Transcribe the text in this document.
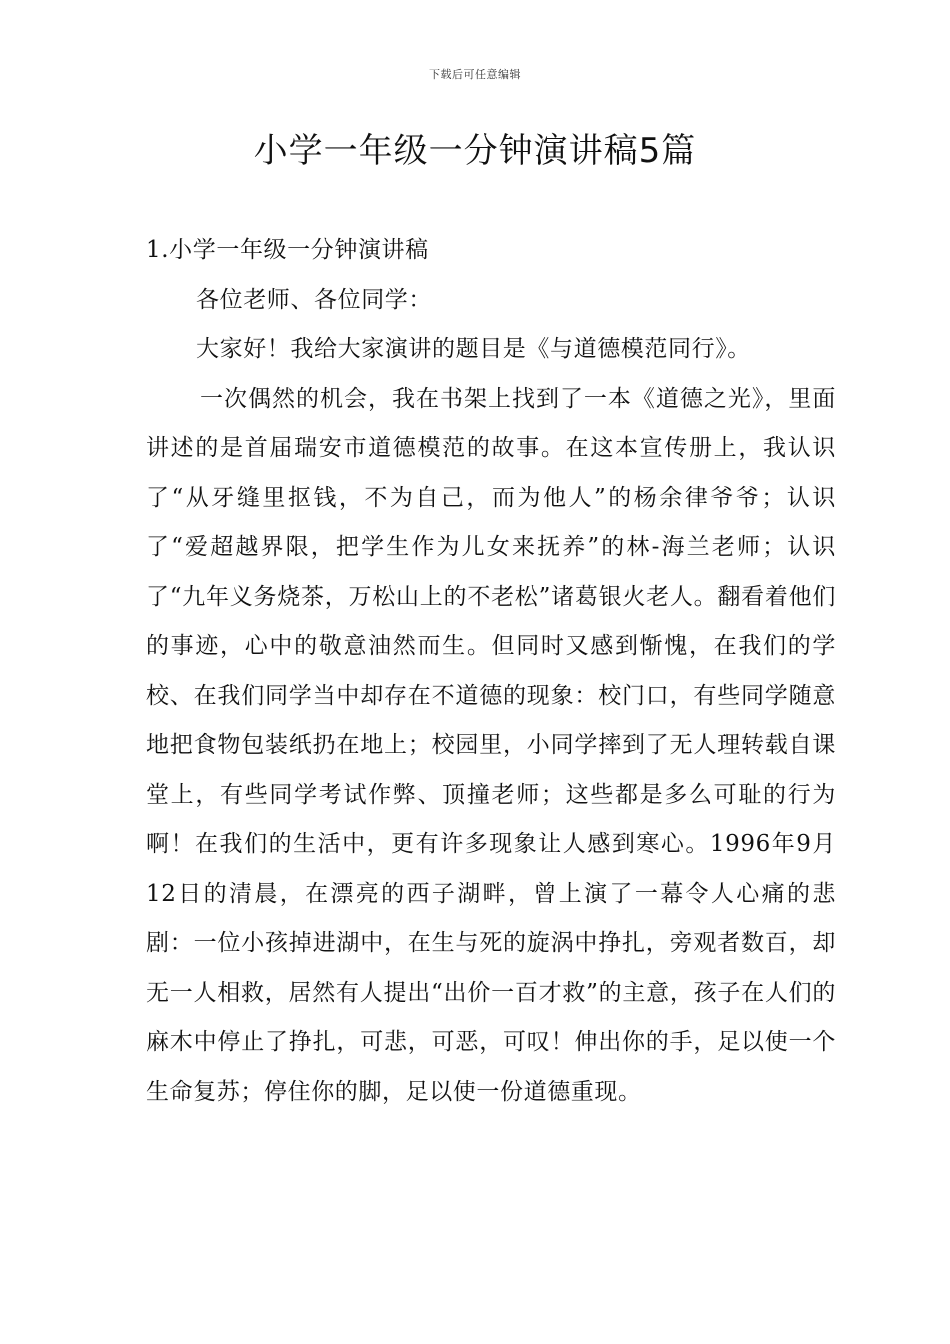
下载后可任意编辑
小学一年级一分钟演讲稿5篇

1.小学一年级一分钟演讲稿

各位老师、各位同学：

大家好！我给大家演讲的题目是《与道德模范同行》。

一次偶然的机会，我在书架上找到了一本《道德之光》，里面讲述的是首届瑞安市道德模范的故事。在这本宣传册上，我认识了“从牙缝里抠钱，不为自己，而为他人”的杨余律爷爷；认识了“爱超越界限，把学生作为儿女来抚养”的林-海兰老师；认识了“九年义务烧茶，万松山上的不老松”诸葛银火老人。翻看着他们的事迹，心中的敬意油然而生。但同时又感到惭愧，在我们的学校、在我们同学当中却存在不道德的现象：校门口，有些同学随意地把食物包装纸扔在地上；校园里，小同学摔到了无人理转载自课堂上，有些同学考试作弊、顶撞老师；这些都是多么可耻的行为啊！在我们的生活中，更有许多现象让人感到寒心。1996年9月12日的清晨，在漂亮的西子湖畔，曾上演了一幕令人心痛的悲剧：一位小孩掉进湖中，在生与死的旋涡中挣扎，旁观者数百，却无一人相救，居然有人提出“出价一百才救”的主意，孩子在人们的麻木中停止了挣扎，可悲，可恶，可叹！伸出你的手，足以使一个生命复苏；停住你的脚，足以使一份道德重现。
